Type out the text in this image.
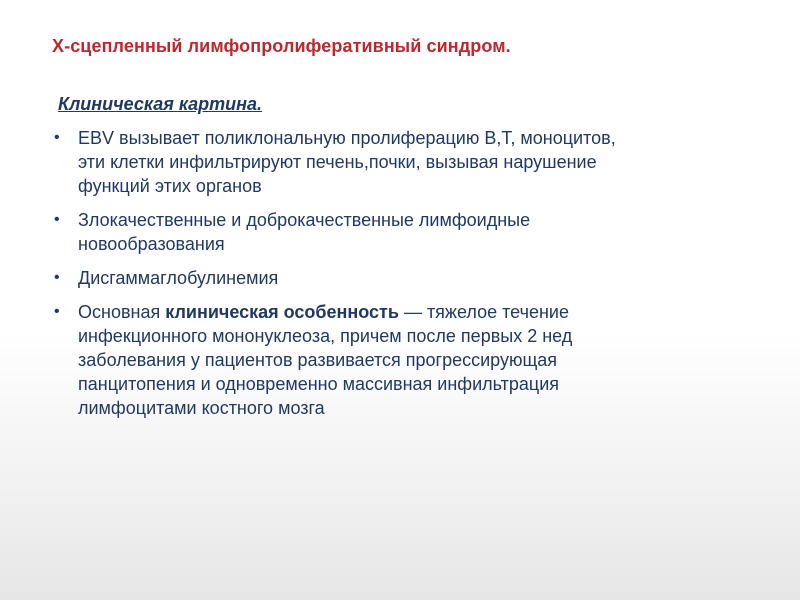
Х-сцепленный лимфопролиферативный синдром.
Клиническая картина.
• EBV вызывает поликлональную пролиферацию В,Т, моноцитов,
эти клетки инфильтрируют печень,почки, вызывая нарушение
функций этих органов
• Злокачественные и доброкачественные лимфоидные
новообразования
• Дисгаммаглобулинемия
• Основная клиническая особенность — тяжелое течение
инфекционного мононуклеоза, причем после первых 2 нед
заболевания у пациентов развивается прогрессирующая
панцитопения и одновременно массивная инфильтрация
лимфоцитами костного мозга
